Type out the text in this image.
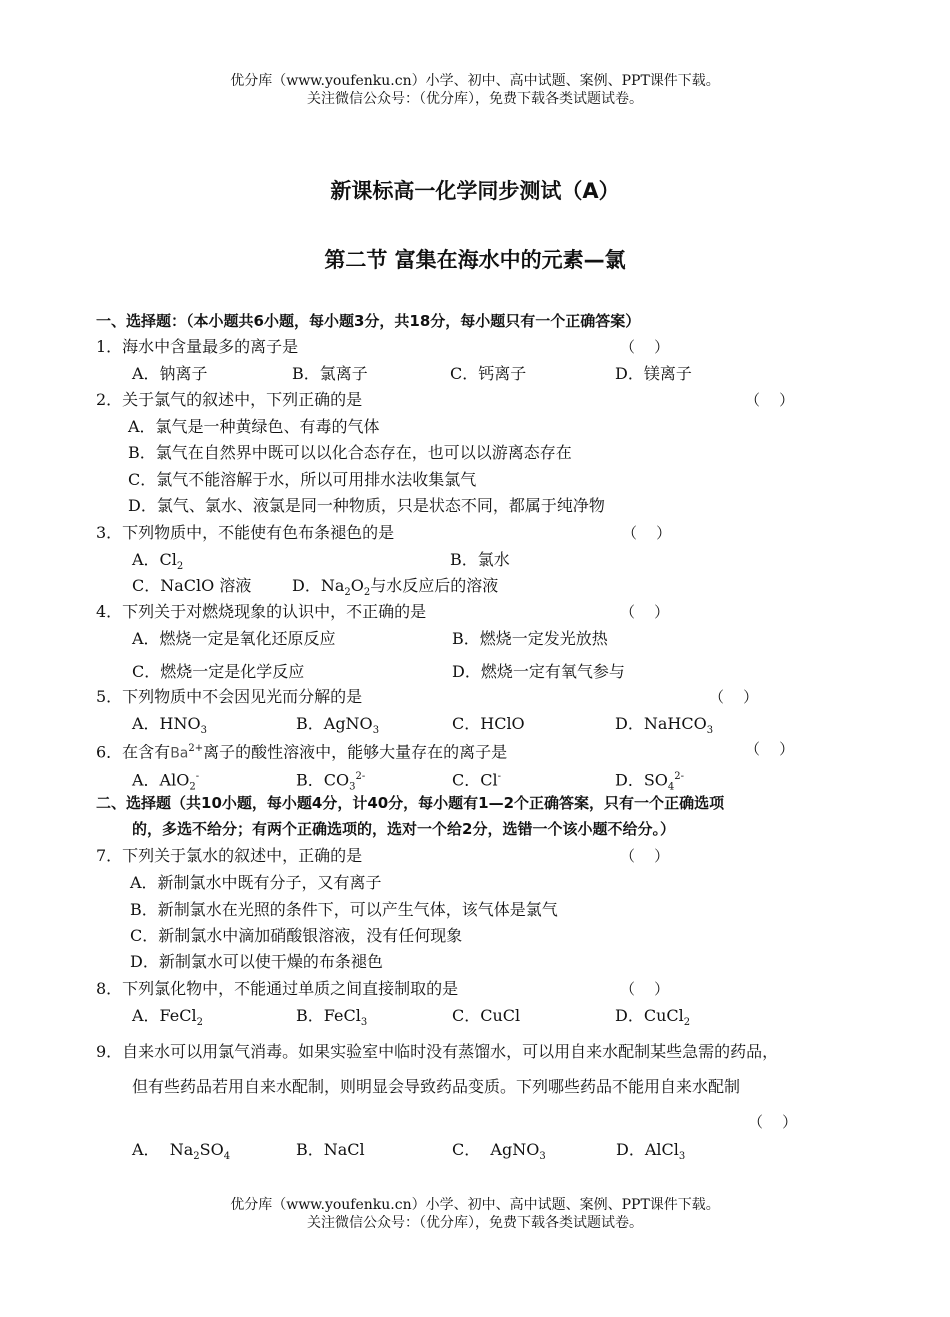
优分库（www.youfenku.cn）小学、初中、高中试题、案例、PPT课件下载。
关注微信公众号：（优分库），免费下载各类试题试卷。
新课标高一化学同步测试（A）
第二节 富集在海水中的元素—氯
一、选择题：（本小题共6小题，每小题3分，共18分，每小题只有一个正确答案）
1．海水中含量最多的离子是	（    ）
A．钠离子	B．氯离子	C．钙离子	D．镁离子
2．关于氯气的叙述中，下列正确的是	（    ）
A．氯气是一种黄绿色、有毒的气体
B．氯气在自然界中既可以以化合态存在，也可以以游离态存在
C．氯气不能溶解于水，所以可用排水法收集氯气
D．氯气、氯水、液氯是同一种物质，只是状态不同，都属于纯净物
3．下列物质中，不能使有色布条褪色的是	（    ）
A．$Cl_2$	B．氯水
C．NaClO 溶液	D．$Na_2O_2$与水反应后的溶液
4．下列关于对燃烧现象的认识中，不正确的是	（    ）
A．燃烧一定是氧化还原反应	B．燃烧一定发光放热
C．燃烧一定是化学反应	D．燃烧一定有氧气参与
5．下列物质中不会因见光而分解的是	（    ）
A．$HNO_3$	B．AgNO$_3$	C．HClO	D．NaHCO$_3$
6．在含有$Ba^{2+}$离子的酸性溶液中，能够大量存在的离子是	（    ）
A．AlO$_2$-	B．$CO_3^{2-}$	C．Cl-	D．$SO_4^{2-}$
二、选择题（共10小题，每小题4分，计40分，每小题有1—2个正确答案，只有一个正确选项
的，多选不给分；有两个正确选项的，选对一个给2分，选错一个该小题不给分。）
7．下列关于氯水的叙述中，正确的是	（    ）
A．新制氯水中既有分子，又有离子
B．新制氯水在光照的条件下，可以产生气体，该气体是氯气
C．新制氯水中滴加硝酸银溶液，没有任何现象
D．新制氯水可以使干燥的布条褪色
8．下列氯化物中，不能通过单质之间直接制取的是	（    ）
A．FeCl$_2$	B．FeCl$_3$	C．CuCl	D．CuCl$_2$
9．自来水可以用氯气消毒。如果实验室中临时没有蒸馏水，可以用自来水配制某些急需的药品，
但有些药品若用自来水配制，则明显会导致药品变质。下列哪些药品不能用自来水配制
（    ）
A．  $Na_2SO_4$	B．NaCl	C．  AgNO$_3$	D．AlCl$_3$
优分库（www.youfenku.cn）小学、初中、高中试题、案例、PPT课件下载。
关注微信公众号：（优分库），免费下载各类试题试卷。
